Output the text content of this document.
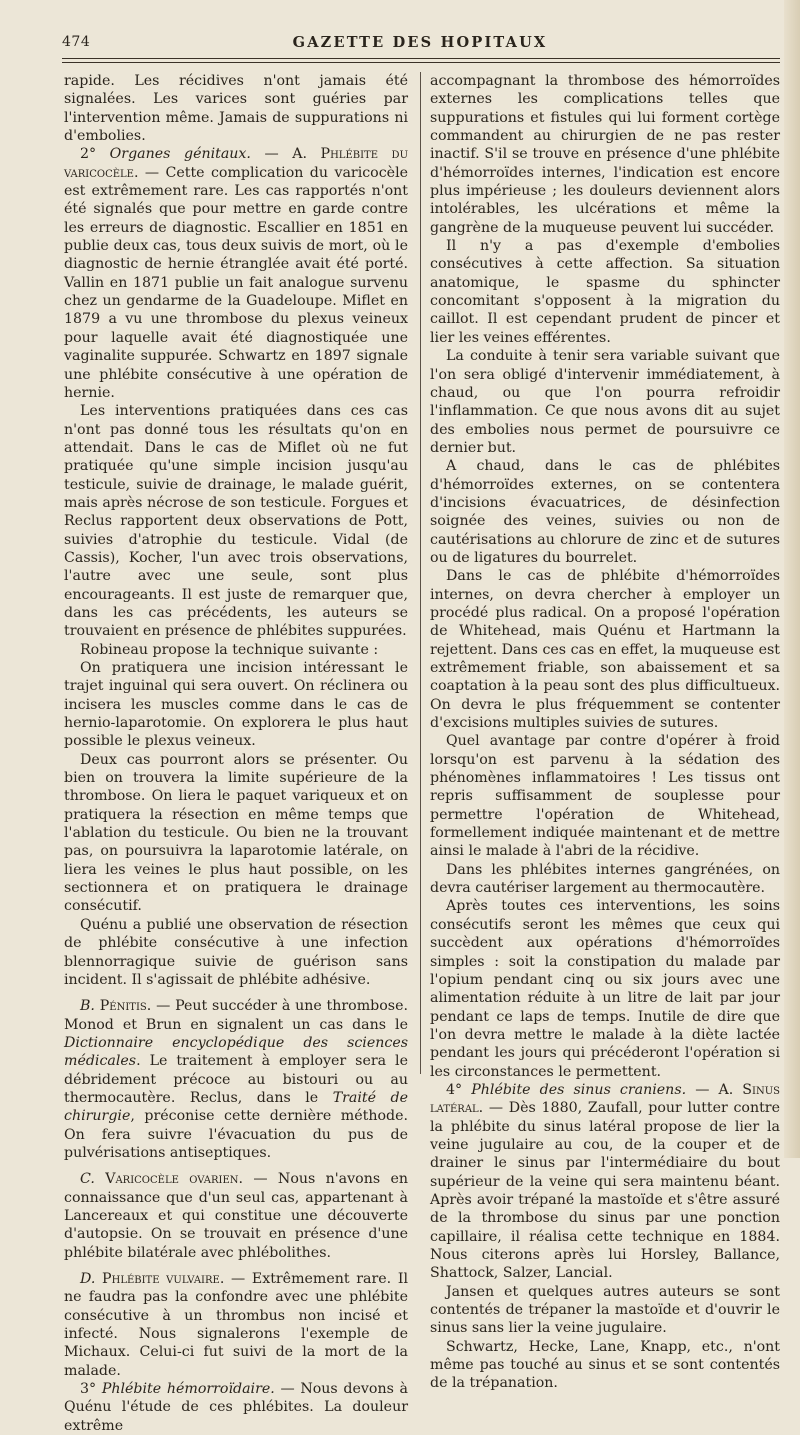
474	GAZETTE DES HOPITAUX

rapide. Les récidives n'ont jamais été signalées. Les varices sont guéries par l'intervention même. Jamais de suppurations ni d'embolies.

2° Organes génitaux. — A. Phlébite du varicocèle. — Cette complication du varicocèle est extrêmement rare. Les cas rapportés n'ont été signalés que pour mettre en garde contre les erreurs de diagnostic. Escallier en 1851 en publie deux cas, tous deux suivis de mort, où le diagnostic de hernie étranglée avait été porté. Vallin en 1871 publie un fait analogue survenu chez un gendarme de la Guadeloupe. Miflet en 1879 a vu une thrombose du plexus veineux pour laquelle avait été diagnostiquée une vaginalite suppurée. Schwartz en 1897 signale une phlébite consécutive à une opération de hernie.

Les interventions pratiquées dans ces cas n'ont pas donné tous les résultats qu'on en attendait. Dans le cas de Miflet où ne fut pratiquée qu'une simple incision jusqu'au testicule, suivie de drainage, le malade guérit, mais après nécrose de son testicule. Forgues et Reclus rapportent deux observations de Pott, suivies d'atrophie du testicule. Vidal (de Cassis), Kocher, l'un avec trois observations, l'autre avec une seule, sont plus encourageants. Il est juste de remarquer que, dans les cas précédents, les auteurs se trouvaient en présence de phlébites suppurées.

Robineau propose la technique suivante :

On pratiquera une incision intéressant le trajet inguinal qui sera ouvert. On réclinera ou incisera les muscles comme dans le cas de hernio-laparotomie. On explorera le plus haut possible le plexus veineux.

Deux cas pourront alors se présenter. Ou bien on trouvera la limite supérieure de la thrombose. On liera le paquet variqueux et on pratiquera la résection en même temps que l'ablation du testicule. Ou bien ne la trouvant pas, on poursuivra la laparotomie latérale, on liera les veines le plus haut possible, on les sectionnera et on pratiquera le drainage consécutif.

Quénu a publié une observation de résection de phlébite consécutive à une infection blennorragique suivie de guérison sans incident. Il s'agissait de phlébite adhésive.

B. Pénitis. — Peut succéder à une thrombose. Monod et Brun en signalent un cas dans le Dictionnaire encyclopédique des sciences médicales. Le traitement à employer sera le débridement précoce au bistouri ou au thermocautère. Reclus, dans le Traité de chirurgie, préconise cette dernière méthode. On fera suivre l'évacuation du pus de pulvérisations antiseptiques.

C. Varicocèle ovarien. — Nous n'avons en connaissance que d'un seul cas, appartenant à Lancereaux et qui constitue une découverte d'autopsie. On se trouvait en présence d'une phlébite bilatérale avec phlébolithes.

D. Phlébite vulvaire. — Extrêmement rare. Il ne faudra pas la confondre avec une phlébite consécutive à un thrombus non incisé et infecté. Nous signalerons l'exemple de Michaux. Celui-ci fut suivi de la mort de la malade.

3° Phlébite hémorroïdaire. — Nous devons à Quénu l'étude de ces phlébites. La douleur extrême

accompagnant la thrombose des hémorroïdes externes les complications telles que suppurations et fistules qui lui forment cortège commandent au chirurgien de ne pas rester inactif. S'il se trouve en présence d'une phlébite d'hémorroïdes internes, l'indication est encore plus impérieuse ; les douleurs deviennent alors intolérables, les ulcérations et même la gangrène de la muqueuse peuvent lui succéder.

Il n'y a pas d'exemple d'embolies consécutives à cette affection. Sa situation anatomique, le spasme du sphincter concomitant s'opposent à la migration du caillot. Il est cependant prudent de pincer et lier les veines efférentes.

La conduite à tenir sera variable suivant que l'on sera obligé d'intervenir immédiatement, à chaud, ou que l'on pourra refroidir l'inflammation. Ce que nous avons dit au sujet des embolies nous permet de poursuivre ce dernier but.

A chaud, dans le cas de phlébites d'hémorroïdes externes, on se contentera d'incisions évacuatrices, de désinfection soignée des veines, suivies ou non de cautérisations au chlorure de zinc et de sutures ou de ligatures du bourrelet.

Dans le cas de phlébite d'hémorroïdes internes, on devra chercher à employer un procédé plus radical. On a proposé l'opération de Whitehead, mais Quénu et Hartmann la rejettent. Dans ces cas en effet, la muqueuse est extrêmement friable, son abaissement et sa coaptation à la peau sont des plus difficultueux. On devra le plus fréquemment se contenter d'excisions multiples suivies de sutures.

Quel avantage par contre d'opérer à froid lorsqu'on est parvenu à la sédation des phénomènes inflammatoires ! Les tissus ont repris suffisamment de souplesse pour permettre l'opération de Whitehead, formellement indiquée maintenant et de mettre ainsi le malade à l'abri de la récidive.

Dans les phlébites internes gangrénées, on devra cautériser largement au thermocautère.

Après toutes ces interventions, les soins consécutifs seront les mêmes que ceux qui succèdent aux opérations d'hémorroïdes simples : soit la constipation du malade par l'opium pendant cinq ou six jours avec une alimentation réduite à un litre de lait par jour pendant ce laps de temps. Inutile de dire que l'on devra mettre le malade à la diète lactée pendant les jours qui précéderont l'opération si les circonstances le permettent.

4° Phlébite des sinus craniens. — A. Sinus latéral. — Dès 1880, Zaufall, pour lutter contre la phlébite du sinus latéral propose de lier la veine jugulaire au cou, de la couper et de drainer le sinus par l'intermédiaire du bout supérieur de la veine qui sera maintenu béant. Après avoir trépané la mastoïde et s'être assuré de la thrombose du sinus par une ponction capillaire, il réalisa cette technique en 1884. Nous citerons après lui Horsley, Ballance, Shattock, Salzer, Lancial.

Jansen et quelques autres auteurs se sont contentés de trépaner la mastoïde et d'ouvrir le sinus sans lier la veine jugulaire.

Schwartz, Hecke, Lane, Knapp, etc., n'ont même pas touché au sinus et se sont contentés de la trépanation.
